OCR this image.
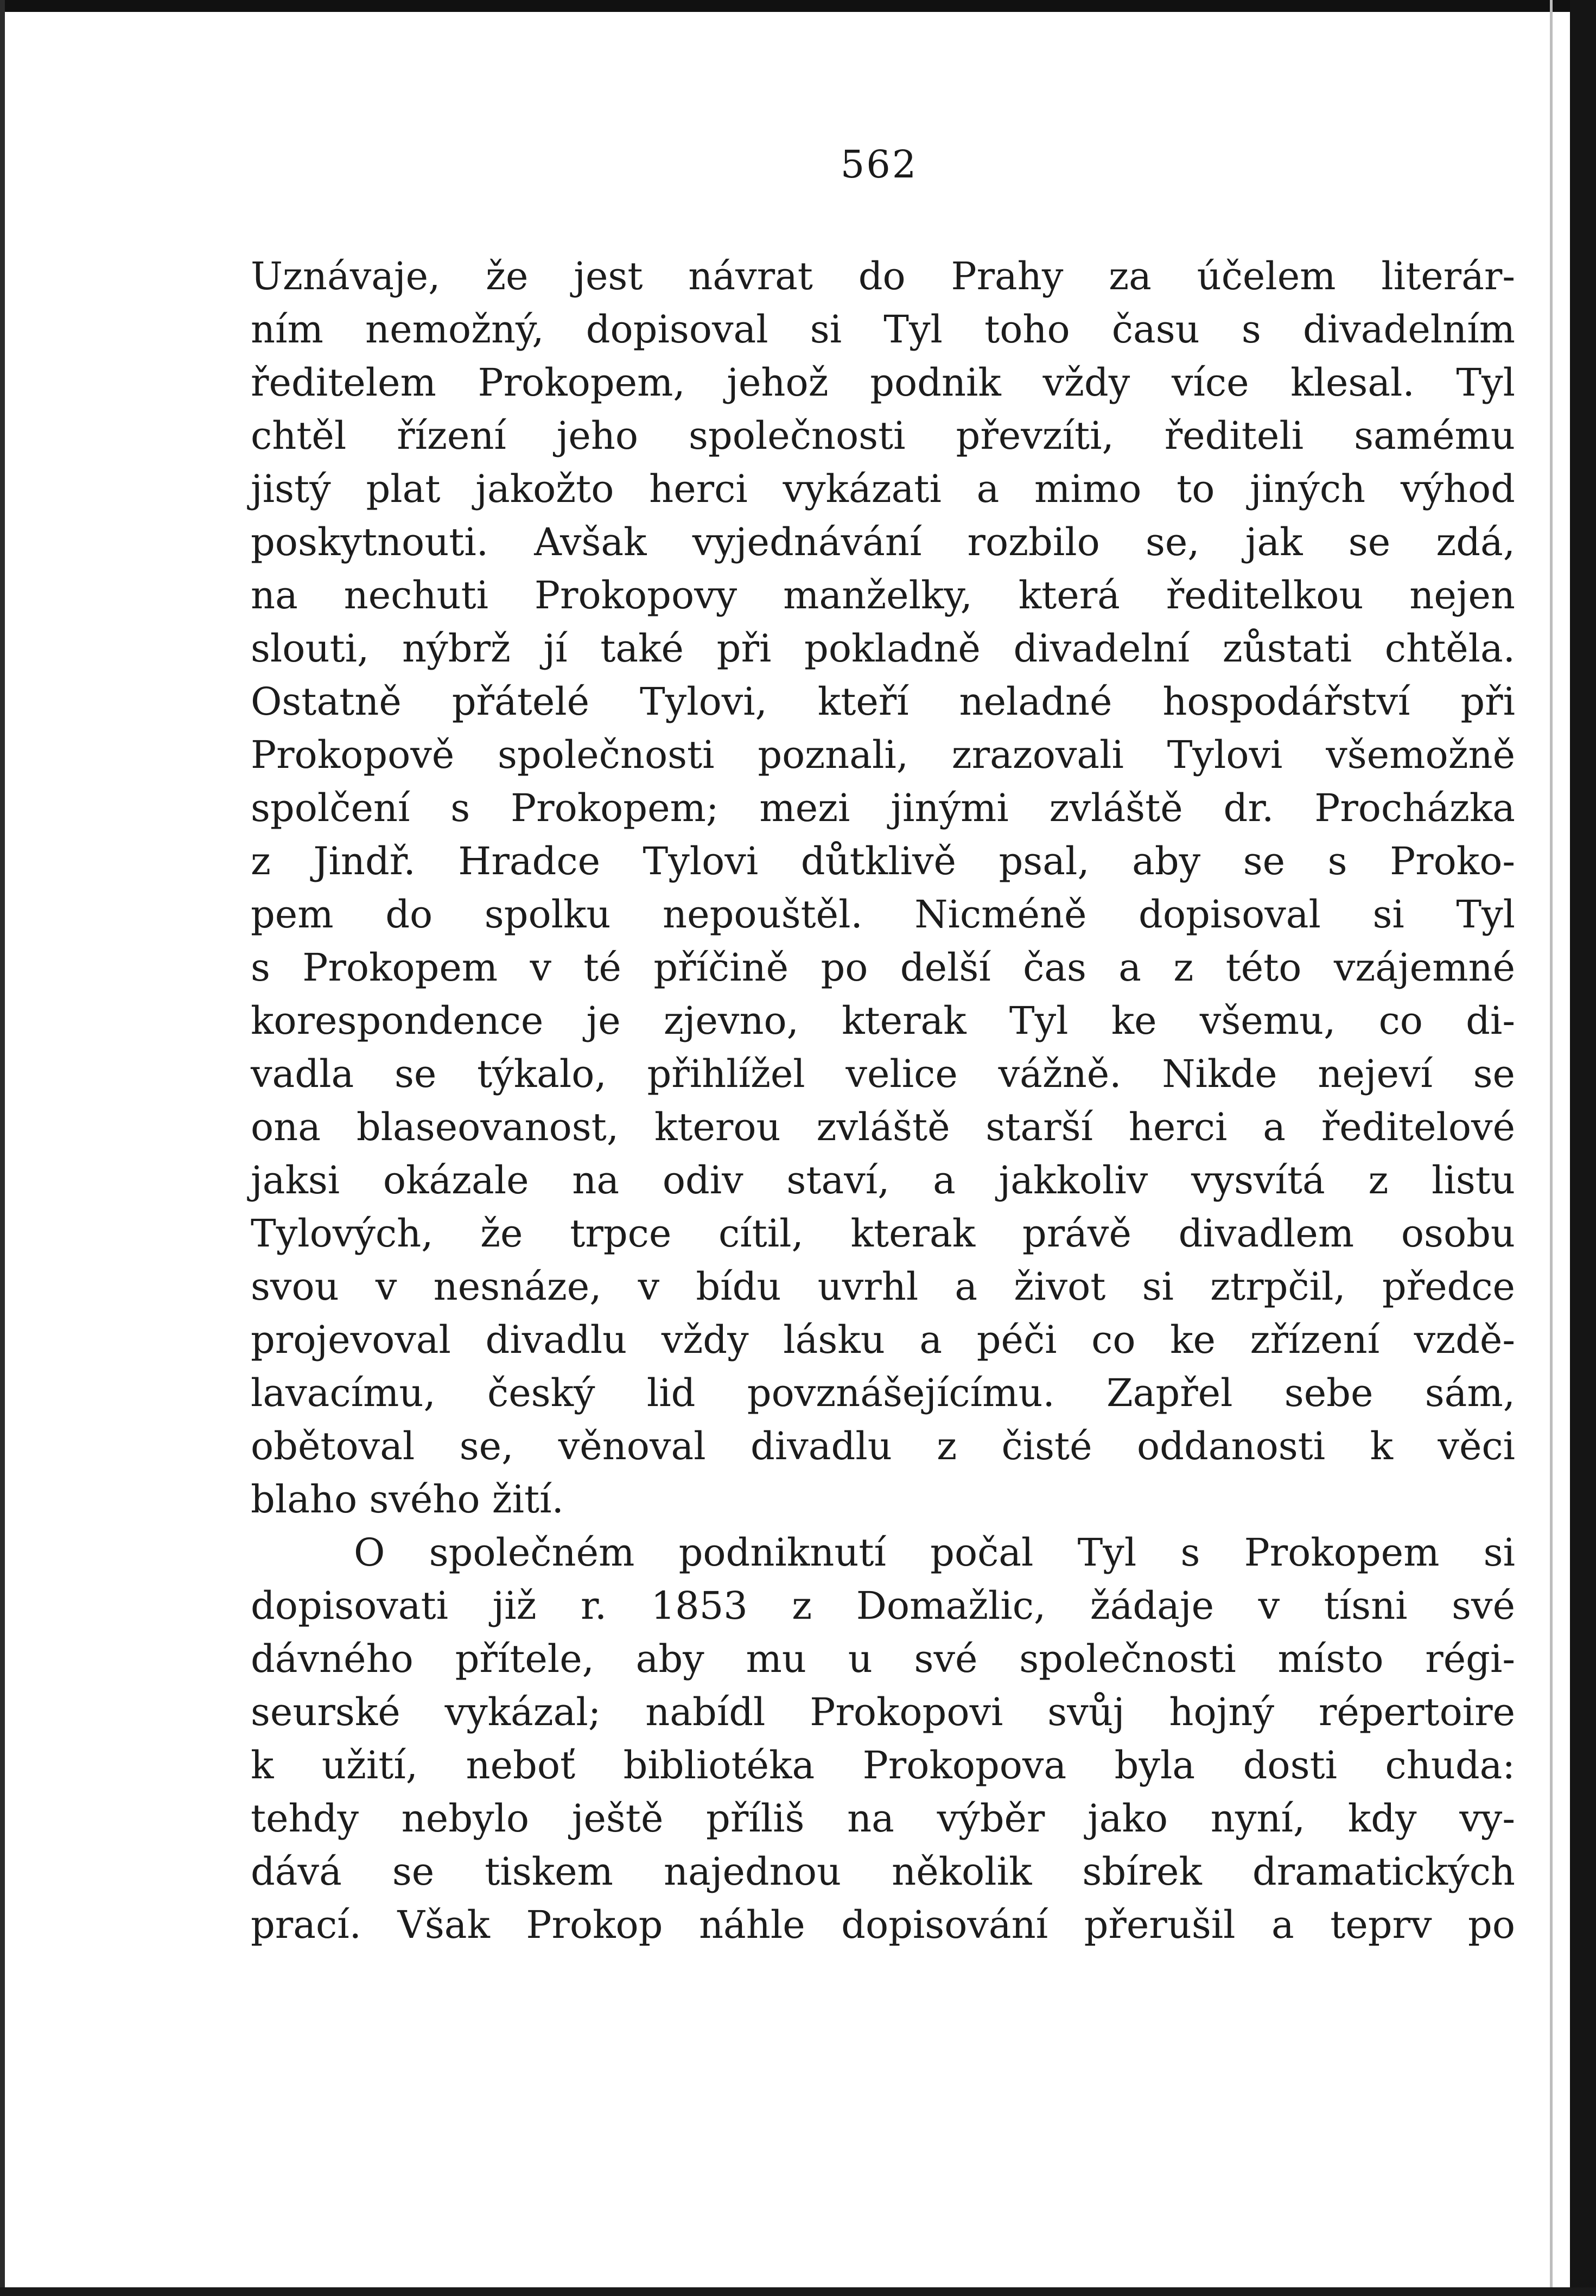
562
Uznávaje, že jest návrat do Prahy za účelem literár-
ním nemožný, dopisoval si Tyl toho času s divadelním
ředitelem Prokopem, jehož podnik vždy více klesal. Tyl
chtěl řízení jeho společnosti převzíti, řediteli samému
jistý plat jakožto herci vykázati a mimo to jiných výhod
poskytnouti. Avšak vyjednávání rozbilo se, jak se zdá,
na nechuti Prokopovy manželky, která ředitelkou nejen
slouti, nýbrž jí také při pokladně divadelní zůstati chtěla.
Ostatně přátelé Tylovi, kteří neladné hospodářství při
Prokopově společnosti poznali, zrazovali Tylovi všemožně
spolčení s Prokopem; mezi jinými zvláště dr. Procházka
z Jindř. Hradce Tylovi důtklivě psal, aby se s Proko-
pem do spolku nepouštěl. Nicméně dopisoval si Tyl
s Prokopem v té příčině po delší čas a z této vzájemné
korespondence je zjevno, kterak Tyl ke všemu, co di-
vadla se týkalo, přihlížel velice vážně. Nikde nejeví se
ona blaseovanost, kterou zvláště starší herci a ředitelové
jaksi okázale na odiv staví, a jakkoliv vysvítá z listu
Tylových, že trpce cítil, kterak právě divadlem osobu
svou v nesnáze, v bídu uvrhl a život si ztrpčil, předce
projevoval divadlu vždy lásku a péči co ke zřízení vzdě-
lavacímu, český lid povznášejícímu. Zapřel sebe sám,
obětoval se, věnoval divadlu z čisté oddanosti k věci
blaho svého žití.
O společném podniknutí počal Tyl s Prokopem si
dopisovati již r. 1853 z Domažlic, žádaje v tísni své
dávného přítele, aby mu u své společnosti místo régi-
seurské vykázal; nabídl Prokopovi svůj hojný répertoire
k užití, neboť bibliotéka Prokopova byla dosti chuda:
tehdy nebylo ještě příliš na výběr jako nyní, kdy vy-
dává se tiskem najednou několik sbírek dramatických
prací. Však Prokop náhle dopisování přerušil a teprv po
